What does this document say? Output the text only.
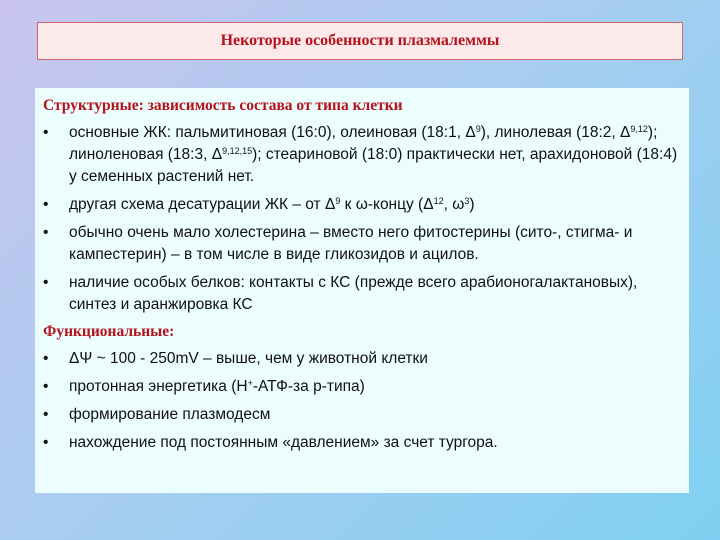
Некоторые особенности плазмалеммы
Структурные: зависимость состава от типа клетки
• основные ЖК: пальмитиновая (16:0), олеиновая (18:1, $\Delta^9$), линолевая (18:2, Δ$^{9,12}$); линоленовая (18:3, Δ$^{9,12,15}$); стеариновой (18:0) практически нет, арахидоновой (18:4) у семенных растений нет.
• другая схема десатурации ЖК – от $\Delta^9$ к ω-концу ($\Delta^{12}$, $\omega^3$)
• обычно очень мало холестерина – вместо него фитостерины (сито-, стигма- и кампестерин) – в том числе в виде гликозидов и ацилов.
• наличие особых белков: контакты с КС (прежде всего арабионогалактановых), синтез и аранжировка КС
Функциональные:
• ΔΨ ~ 100 - 250mV – выше, чем у животной клетки
• протонная энергетика (Н+-АТФ-за р-типа)
• формирование плазмодесм
• нахождение под постоянным «давлением» за счет тургора.
